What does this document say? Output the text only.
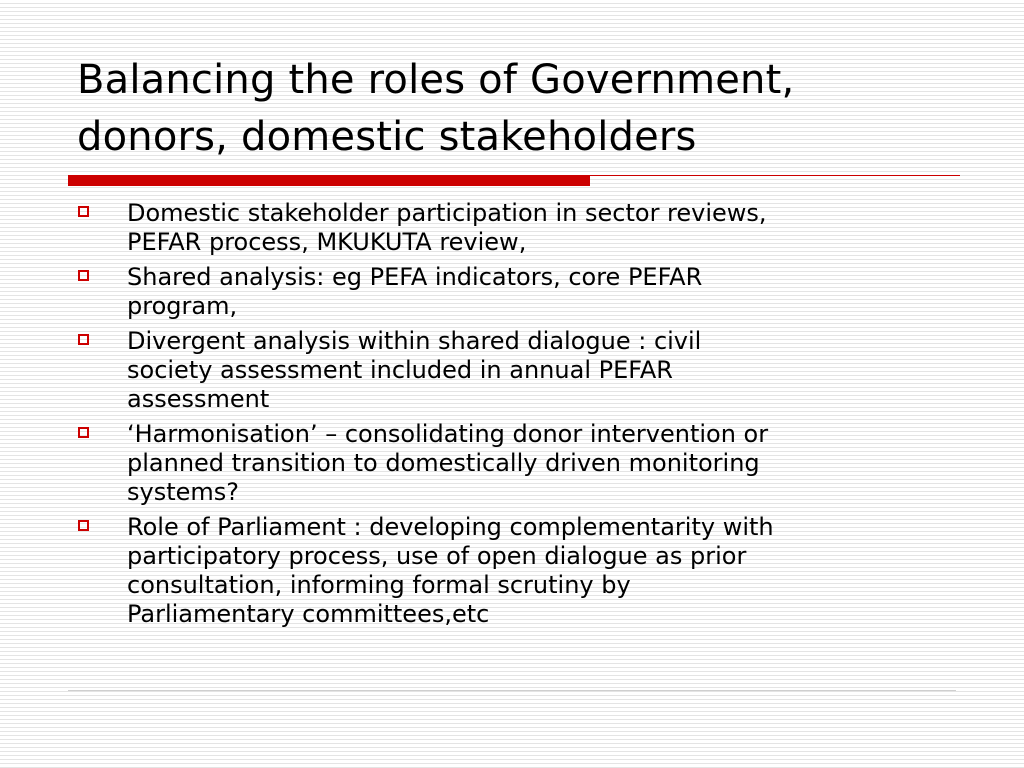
Balancing the roles of Government,
donors, domestic stakeholders
Domestic stakeholder participation in sector reviews,
PEFAR process, MKUKUTA review,
Shared analysis: eg PEFA indicators, core PEFAR
program,
Divergent analysis within shared dialogue : civil
society assessment included in annual PEFAR
assessment
‘Harmonisation’ – consolidating donor intervention or
planned transition to domestically driven monitoring
systems?
Role of Parliament : developing complementarity with
participatory process, use of open dialogue as prior
consultation, informing formal scrutiny by
Parliamentary committees,etc
